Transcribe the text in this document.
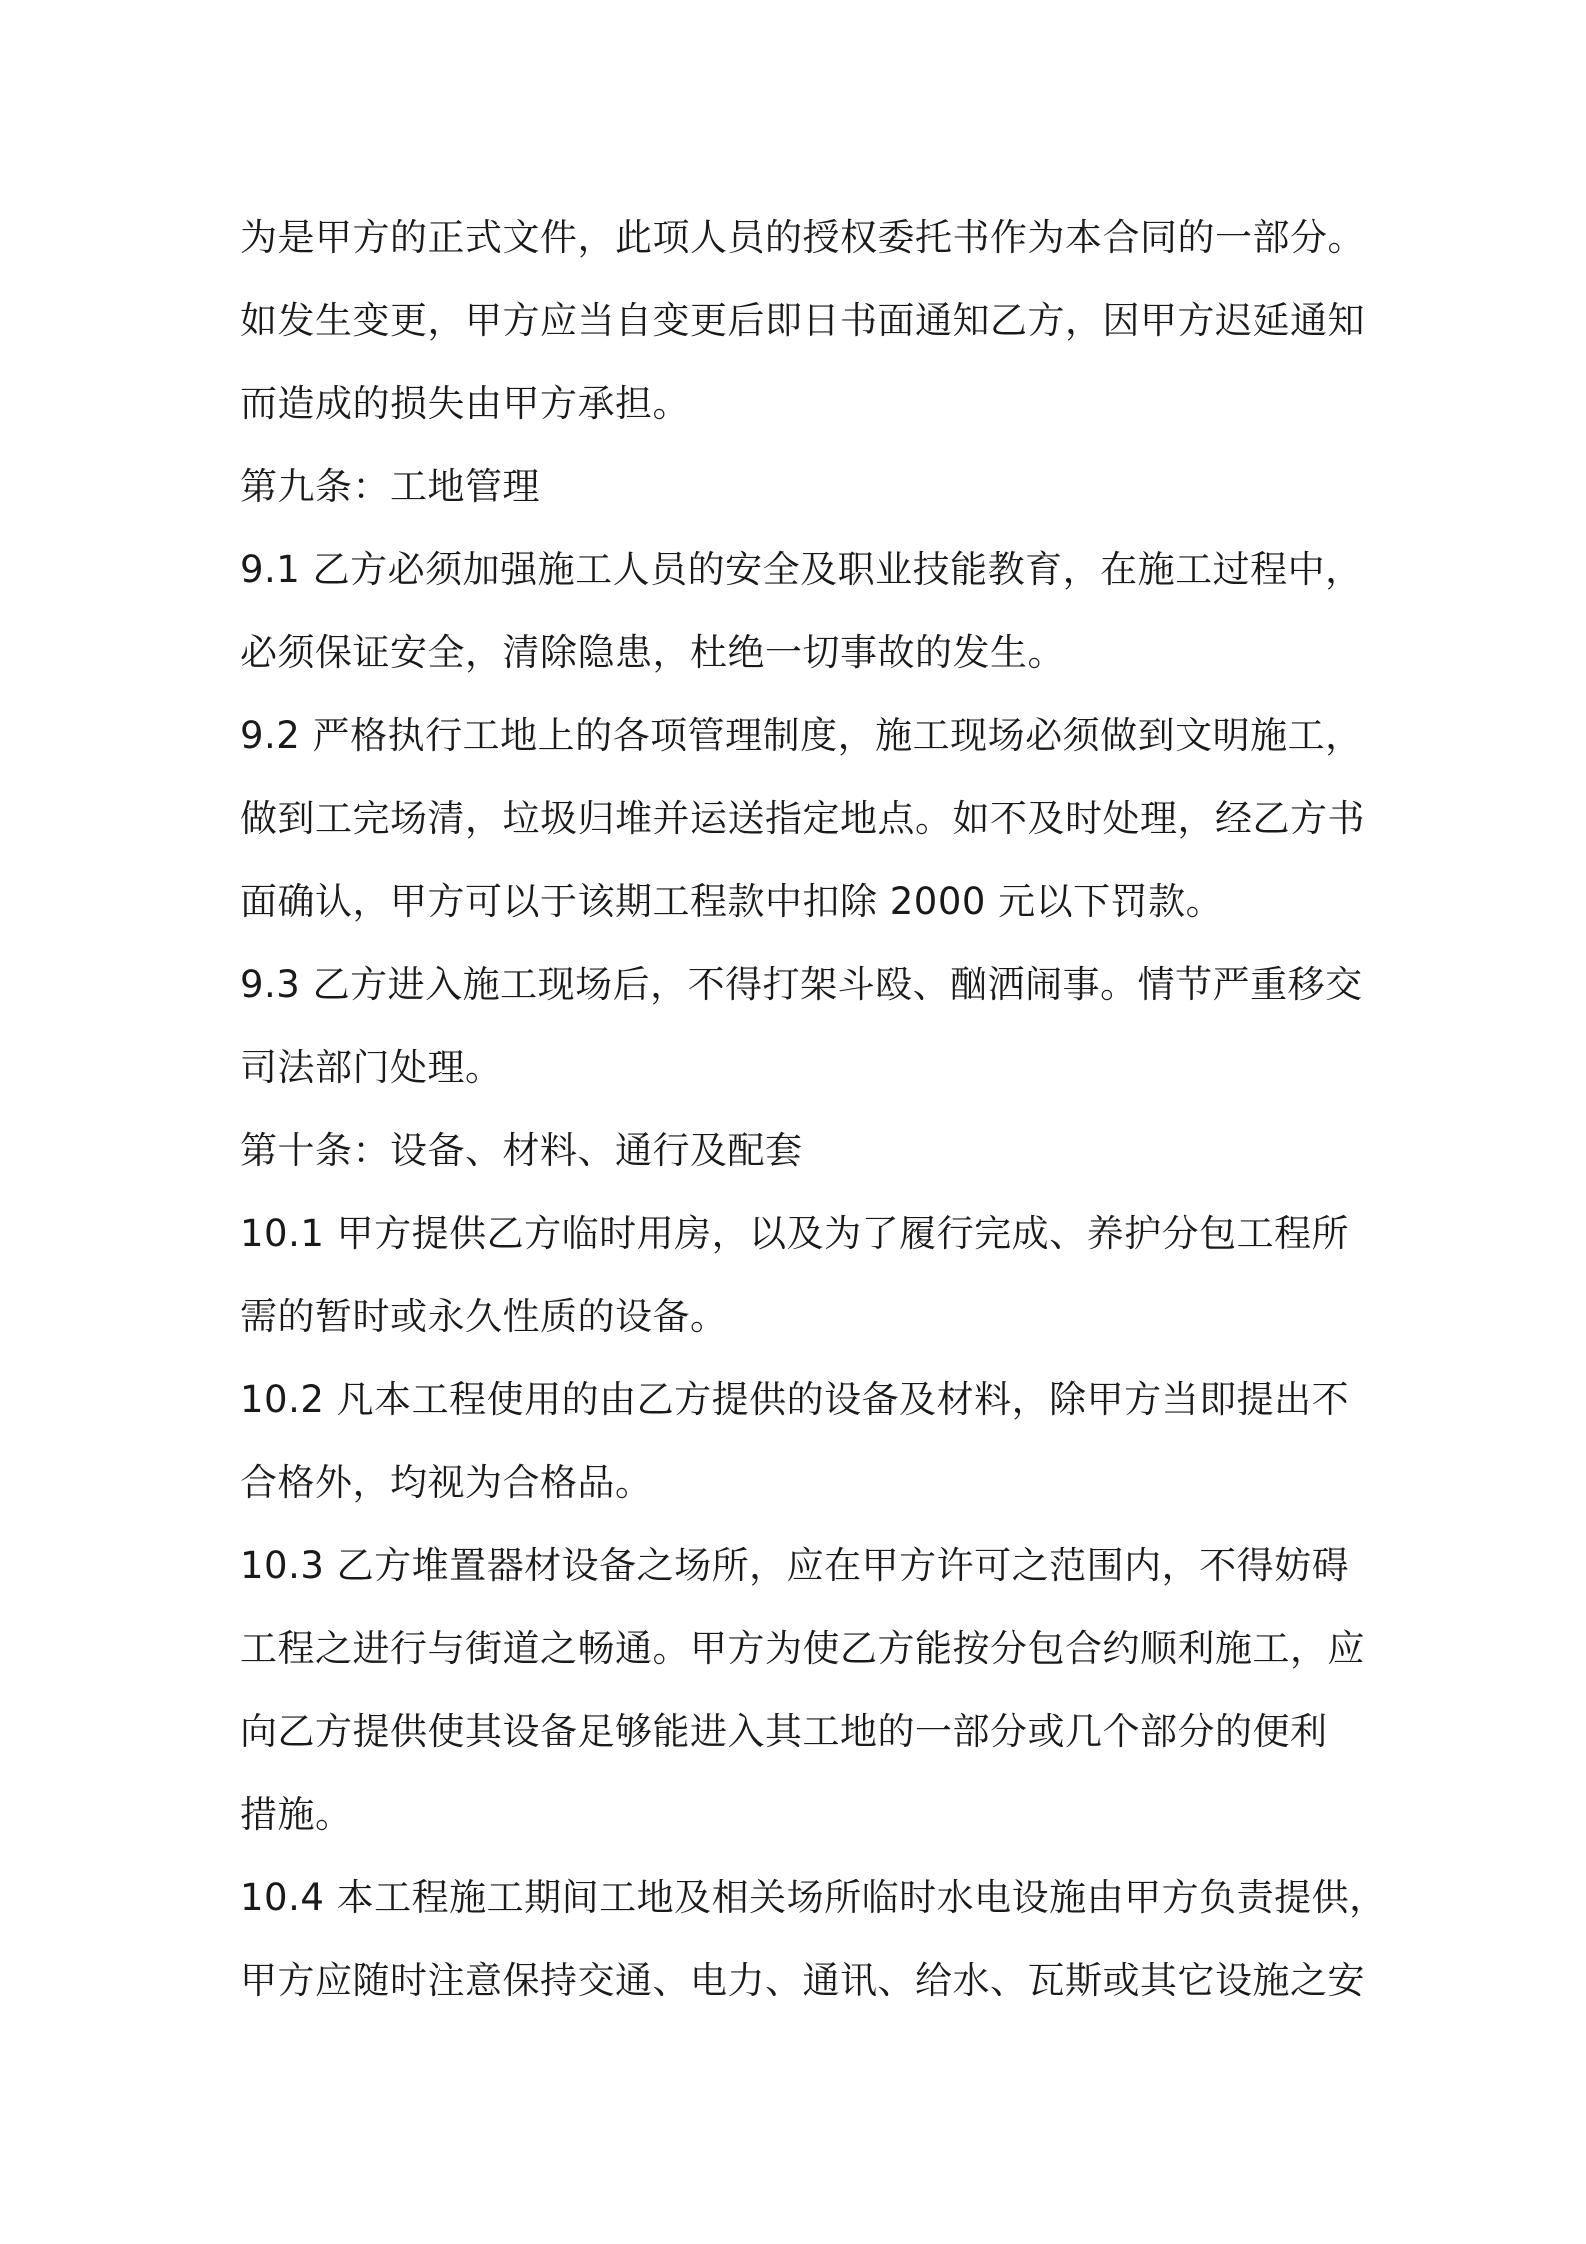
为是甲方的正式文件，此项人员的授权委托书作为本合同的一部分。
如发生变更，甲方应当自变更后即日书面通知乙方，因甲方迟延通知
而造成的损失由甲方承担。
第九条：工地管理
9.1 乙方必须加强施工人员的安全及职业技能教育，在施工过程中，
必须保证安全，清除隐患，杜绝一切事故的发生。
9.2 严格执行工地上的各项管理制度，施工现场必须做到文明施工，
做到工完场清，垃圾归堆并运送指定地点。如不及时处理，经乙方书
面确认，甲方可以于该期工程款中扣除 2000 元以下罚款。
9.3 乙方进入施工现场后，不得打架斗殴、酗洒闹事。情节严重移交
司法部门处理。
第十条：设备、材料、通行及配套
10.1 甲方提供乙方临时用房，以及为了履行完成、养护分包工程所
需的暂时或永久性质的设备。
10.2 凡本工程使用的由乙方提供的设备及材料，除甲方当即提出不
合格外，均视为合格品。
10.3 乙方堆置器材设备之场所，应在甲方许可之范围内，不得妨碍
工程之进行与街道之畅通。甲方为使乙方能按分包合约顺利施工，应
向乙方提供使其设备足够能进入其工地的一部分或几个部分的便利
措施。
10.4 本工程施工期间工地及相关场所临时水电设施由甲方负责提供，
甲方应随时注意保持交通、电力、通讯、给水、瓦斯或其它设施之安
